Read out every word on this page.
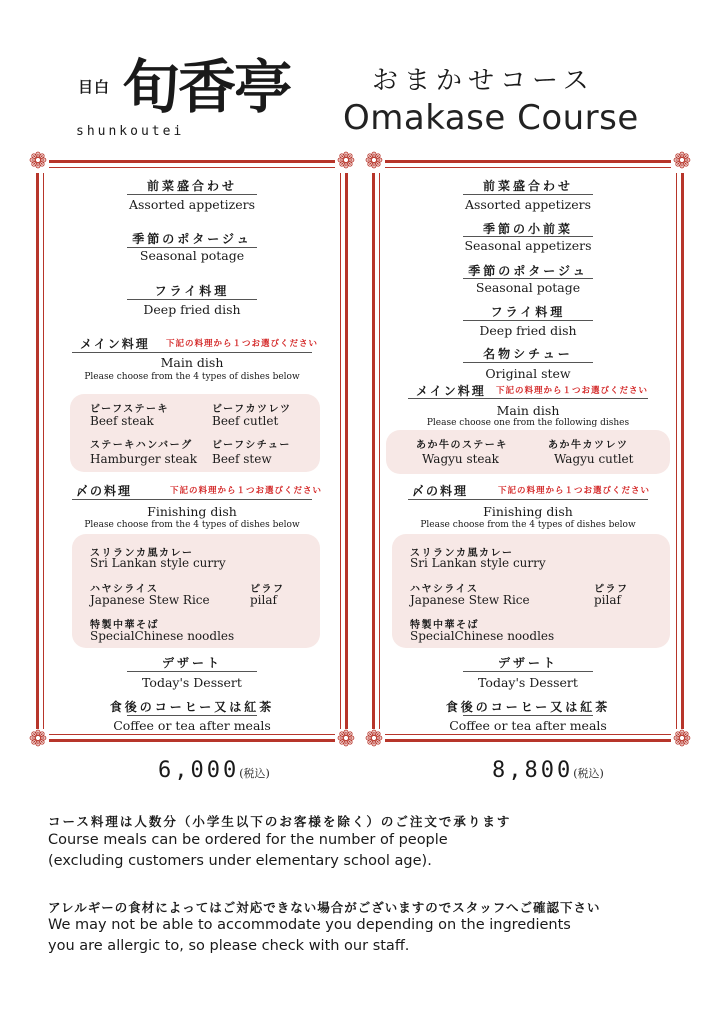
目白 旬香亭
shunkoutei
おまかせコース
Omakase Course
❁	❁
❁	❁
❁	❁
❁	❁
前菜盛合わせ
Assorted appetizers
季節のポタージュ
Seasonal potage
フライ料理
Deep fried dish
メイン料理 下記の料理から１つお選びください
Main dish
Please choose from the 4 types of dishes below
ビーフステーキ
Beef steak
ビーフカツレツ
Beef cutlet
ステーキハンバーグ
Hamburger steak
ビーフシチュー
Beef stew
〆の料理	下記の料理から１つお選びください
Finishing dish
Please choose from the 4 types of dishes below
スリランカ風カレー
Sri Lankan style curry
ハヤシライス
Japanese Stew Rice
ピラフ
pilaf
特製中華そば
SpecialChinese noodles
デザート
Today's Dessert
食後のコーヒー又は紅茶
Coffee or tea after meals
6,000(税込)
前菜盛合わせ
Assorted appetizers
季節の小前菜
Seasonal appetizers
季節のポタージュ
Seasonal potage
フライ料理
Deep fried dish
名物シチュー
Original stew
メイン料理 下記の料理から１つお選びください
Main dish
Please choose one from the following dishes
あか牛のステーキ
Wagyu steak
あか牛カツレツ
Wagyu cutlet
〆の料理	下記の料理から１つお選びください
Finishing dish
Please choose from the 4 types of dishes below
スリランカ風カレー
Sri Lankan style curry
ハヤシライス
Japanese Stew Rice
ピラフ
pilaf
特製中華そば
SpecialChinese noodles
デザート
Today's Dessert
食後のコーヒー又は紅茶
Coffee or tea after meals
8,800(税込)
コース料理は人数分（小学生以下のお客様を除く）のご注文で承ります
Course meals can be ordered for the number of people
(excluding customers under elementary school age).
アレルギーの食材によってはご対応できない場合がございますのでスタッフへご確認下さい
We may not be able to accommodate you depending on the ingredients
you are allergic to, so please check with our staff.
